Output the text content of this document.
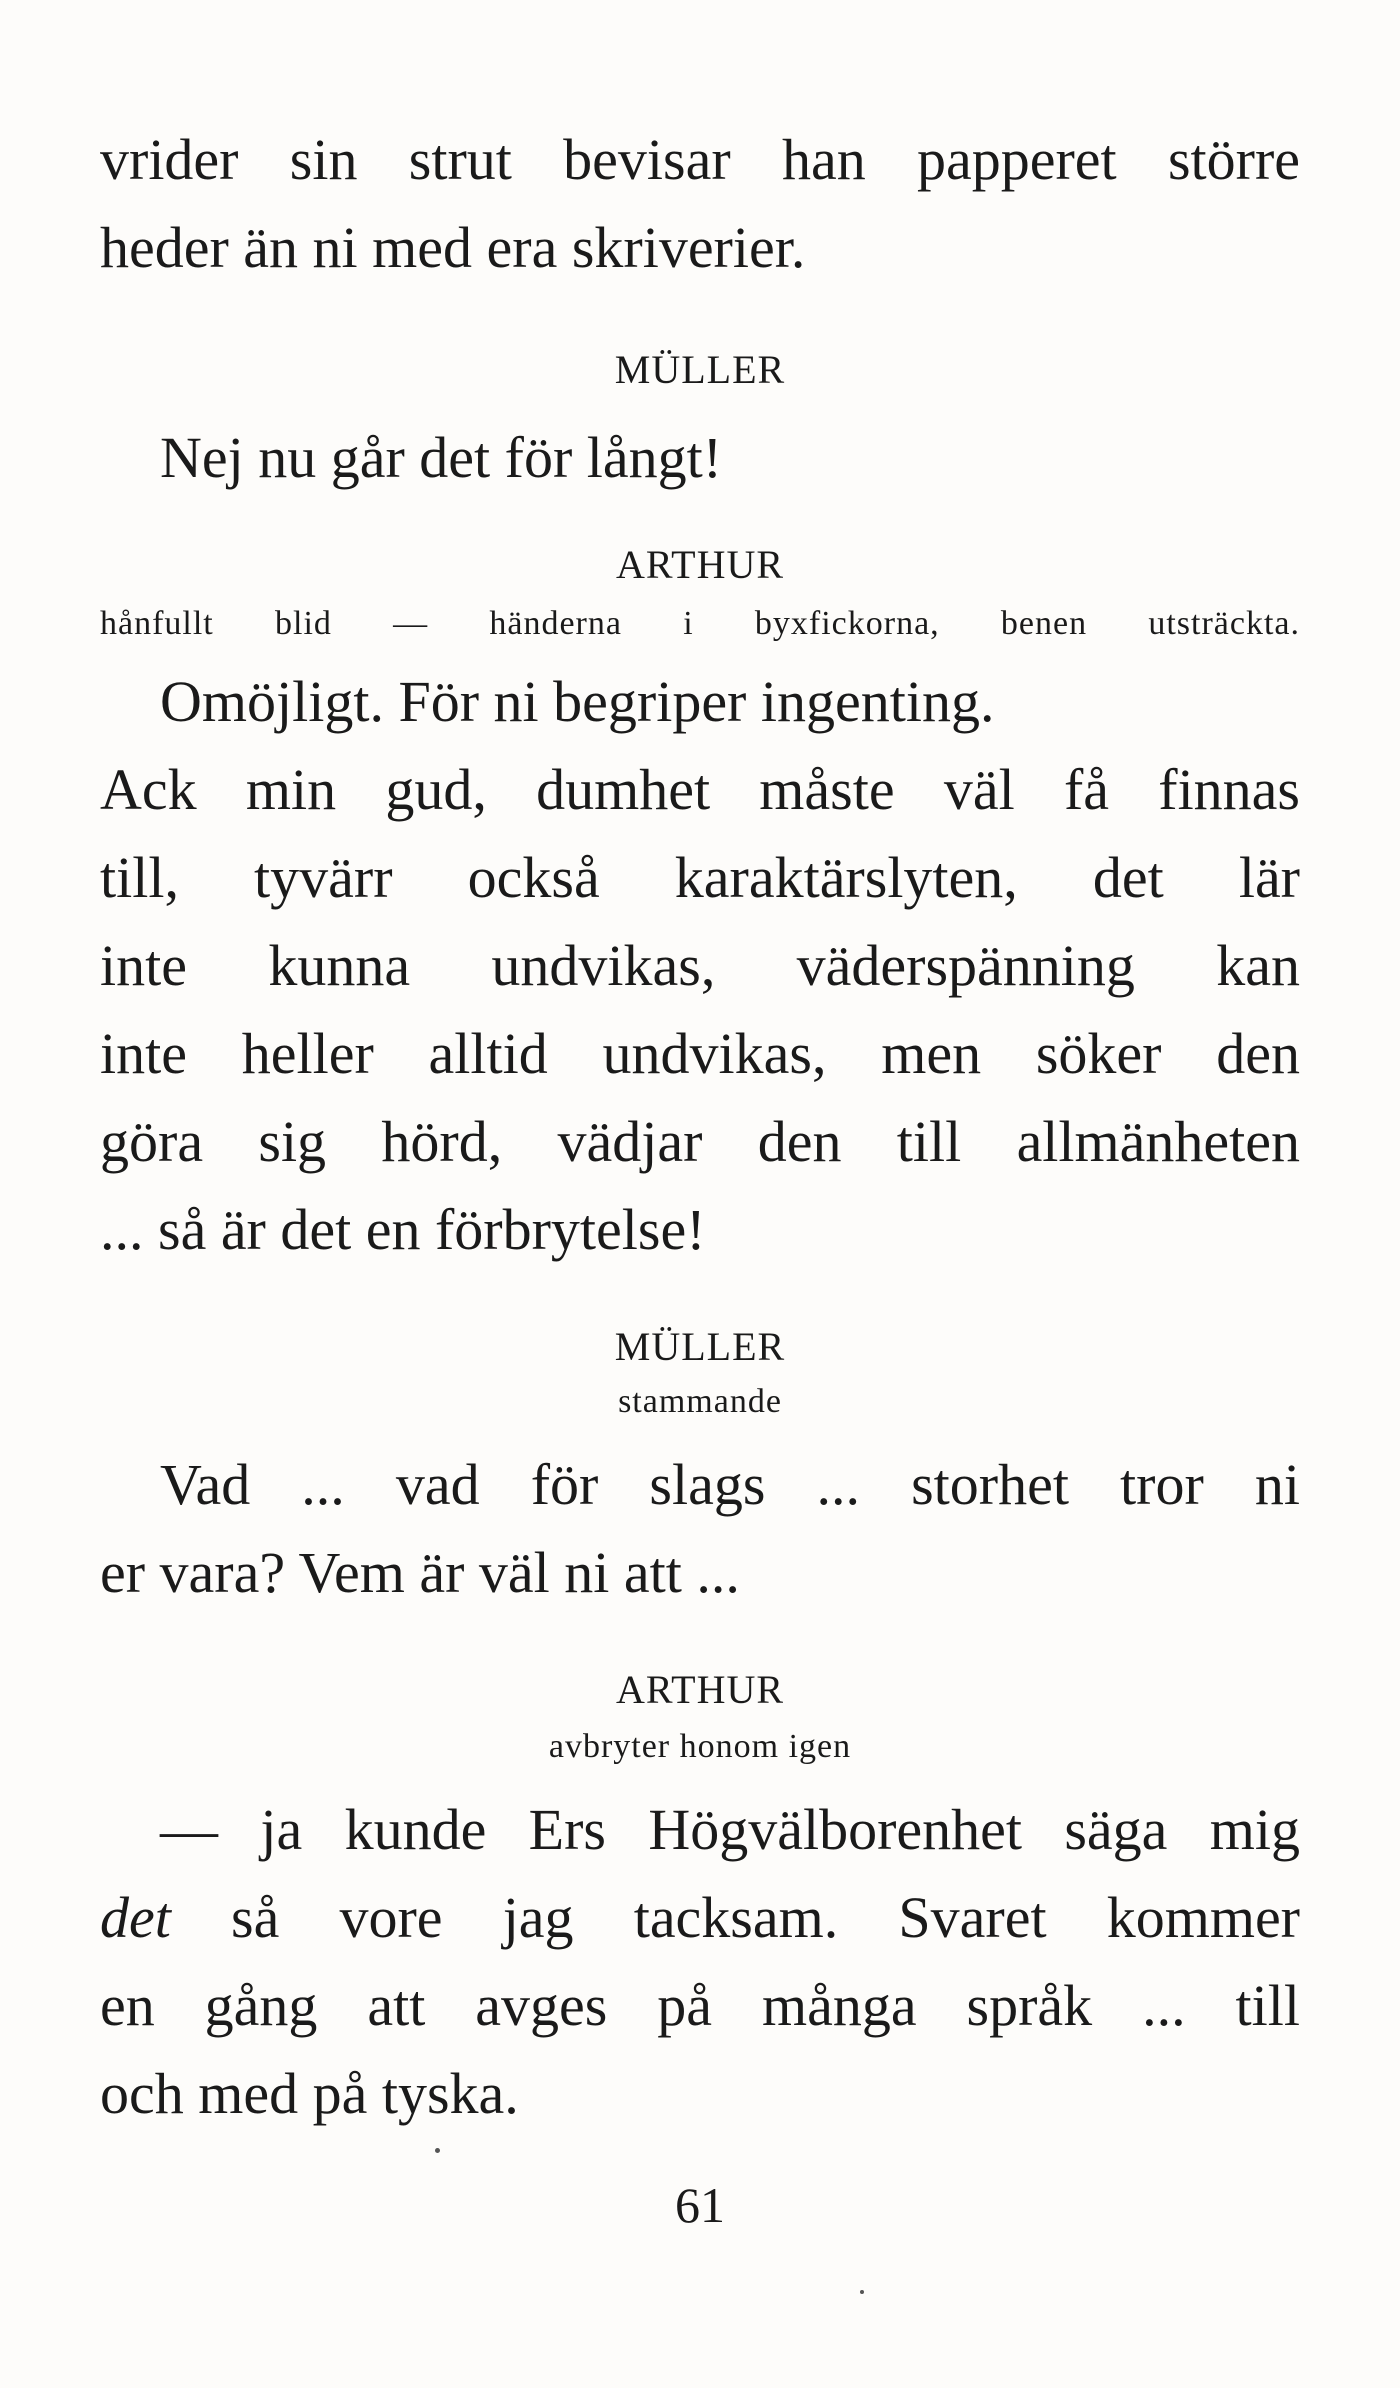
vrider sin strut bevisar han papperet större
heder än ni med era skriverier.
MÜLLER
Nej nu går det för långt!
ARTHUR
hånfullt blid — händerna i byxfickorna, benen utsträckta.
Omöjligt. För ni begriper ingenting.
Ack min gud, dumhet måste väl få finnas
till, tyvärr också karaktärslyten, det lär
inte kunna undvikas, väderspänning kan
inte heller alltid undvikas, men söker den
göra sig hörd, vädjar den till allmänheten
... så är det en förbrytelse!
MÜLLER
stammande
Vad ... vad för slags ... storhet tror ni
er vara? Vem är väl ni att ...
ARTHUR
avbryter honom igen
— ja kunde Ers Högvälborenhet säga mig
det så vore jag tacksam. Svaret kommer
en gång att avges på många språk ... till
och med på tyska.
61
